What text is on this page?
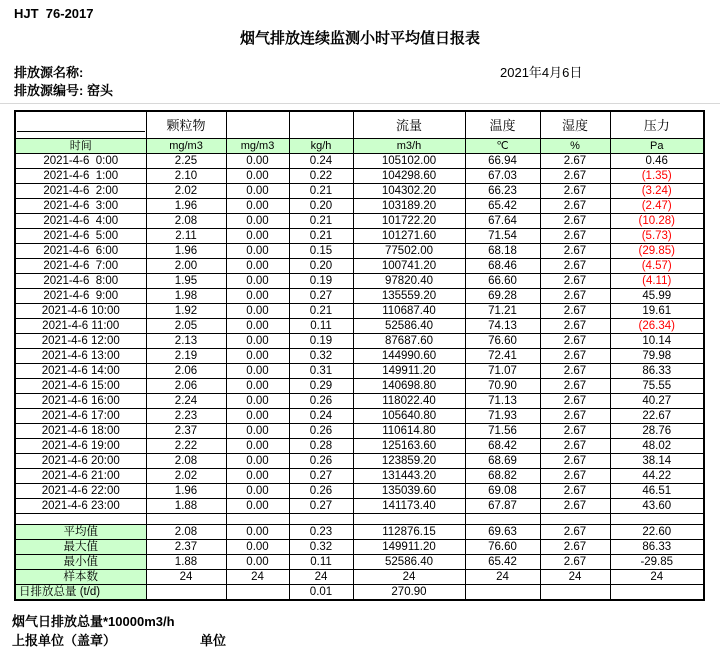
HJT  76-2017
烟气排放连续监测小时平均值日报表
排放源名称:	2021年4月6日
排放源编号: 窑头
	颗粒物			流量	温度	湿度	压力
时间	mg/m3	mg/m3	kg/h	m3/h	℃	%	Pa
2021-4-6  0:00	2.25	0.00	0.24	105102.00	66.94	2.67	0.46
2021-4-6  1:00	2.10	0.00	0.22	104298.60	67.03	2.67	(1.35)
2021-4-6  2:00	2.02	0.00	0.21	104302.20	66.23	2.67	(3.24)
2021-4-6  3:00	1.96	0.00	0.20	103189.20	65.42	2.67	(2.47)
2021-4-6  4:00	2.08	0.00	0.21	101722.20	67.64	2.67	(10.28)
2021-4-6  5:00	2.11	0.00	0.21	101271.60	71.54	2.67	(5.73)
2021-4-6  6:00	1.96	0.00	0.15	77502.00	68.18	2.67	(29.85)
2021-4-6  7:00	2.00	0.00	0.20	100741.20	68.46	2.67	(4.57)
2021-4-6  8:00	1.95	0.00	0.19	97820.40	66.60	2.67	(4.11)
2021-4-6  9:00	1.98	0.00	0.27	135559.20	69.28	2.67	45.99
2021-4-6 10:00	1.92	0.00	0.21	110687.40	71.21	2.67	19.61
2021-4-6 11:00	2.05	0.00	0.11	52586.40	74.13	2.67	(26.34)
2021-4-6 12:00	2.13	0.00	0.19	87687.60	76.60	2.67	10.14
2021-4-6 13:00	2.19	0.00	0.32	144990.60	72.41	2.67	79.98
2021-4-6 14:00	2.06	0.00	0.31	149911.20	71.07	2.67	86.33
2021-4-6 15:00	2.06	0.00	0.29	140698.80	70.90	2.67	75.55
2021-4-6 16:00	2.24	0.00	0.26	118022.40	71.13	2.67	40.27
2021-4-6 17:00	2.23	0.00	0.24	105640.80	71.93	2.67	22.67
2021-4-6 18:00	2.37	0.00	0.26	110614.80	71.56	2.67	28.76
2021-4-6 19:00	2.22	0.00	0.28	125163.60	68.42	2.67	48.02
2021-4-6 20:00	2.08	0.00	0.26	123859.20	68.69	2.67	38.14
2021-4-6 21:00	2.02	0.00	0.27	131443.20	68.82	2.67	44.22
2021-4-6 22:00	1.96	0.00	0.26	135039.60	69.08	2.67	46.51
2021-4-6 23:00	1.88	0.00	0.27	141173.40	67.87	2.67	43.60

平均值	2.08	0.00	0.23	112876.15	69.63	2.67	22.60
最大值	2.37	0.00	0.32	149911.20	76.60	2.67	86.33
最小值	1.88	0.00	0.11	52586.40	65.42	2.67	-29.85
样本数	24	24	24	24	24	24	24
日排放总量 (t/d)			0.01	270.90			
烟气日排放总量*10000m3/h
上报单位（盖章）	单位
